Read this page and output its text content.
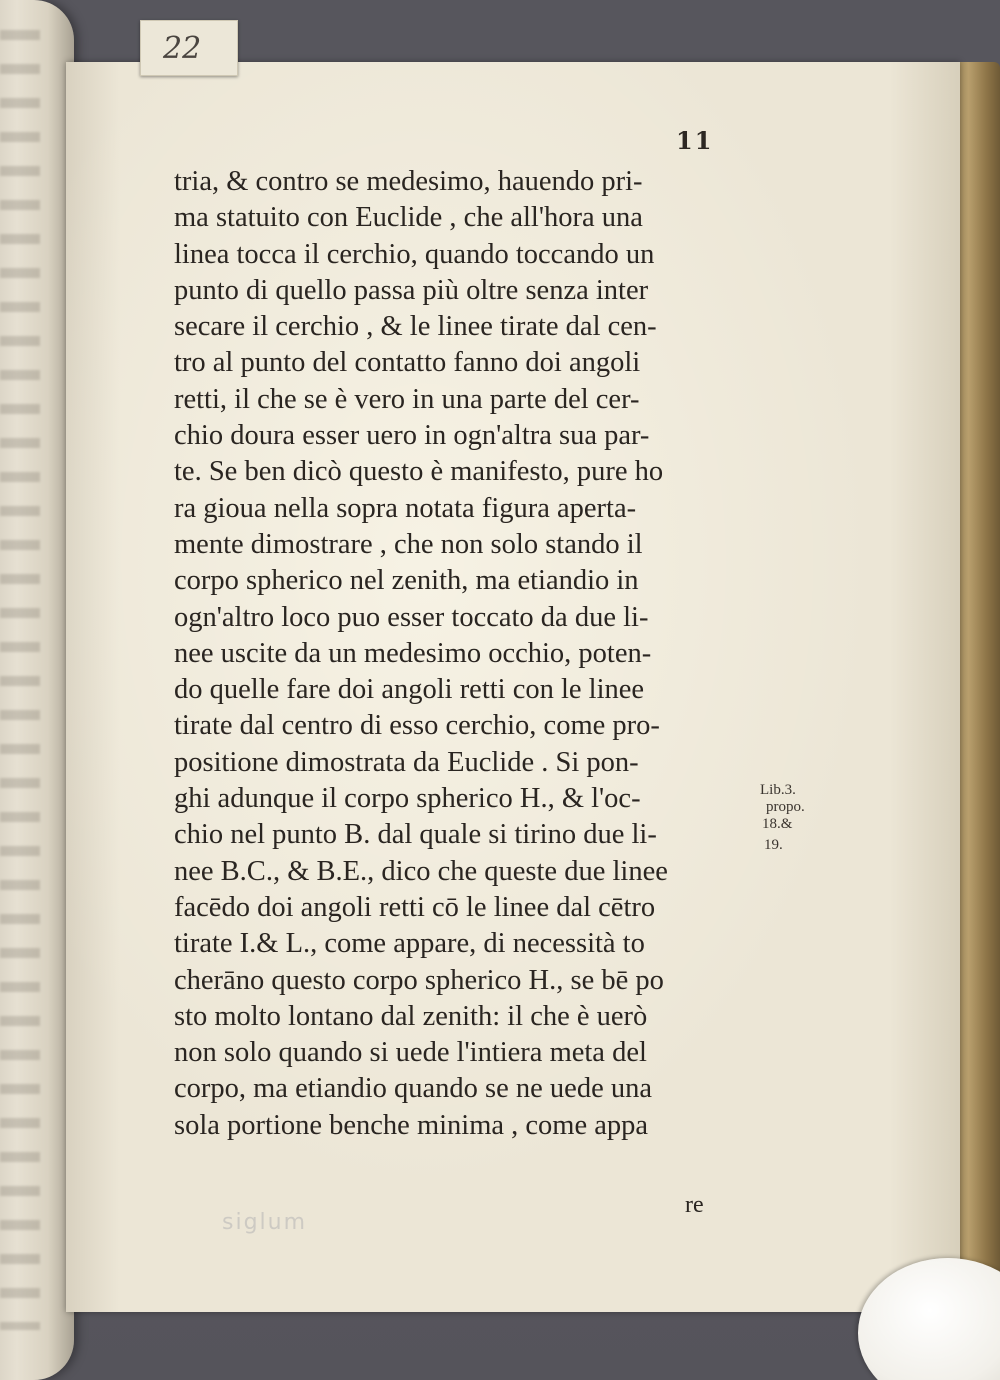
22
11
tria, & contro se medesimo, hauendo pri-
ma statuito con Euclide , che all'hora una
linea tocca il cerchio, quando toccando un
punto di quello passa più oltre senza inter
secare il cerchio , & le linee tirate dal cen-
tro al punto del contatto fanno doi angoli
retti, il che se è vero in una parte del cer-
chio doura esser uero in ogn'altra sua par-
te. Se ben dicò questo è manifesto, pure ho
ra gioua nella sopra notata figura aperta-
mente dimostrare , che non solo stando il
corpo spherico nel zenith, ma etiandio in
ogn'altro loco puo esser toccato da due li-
nee uscite da un medesimo occhio, poten-
do quelle fare doi angoli retti con le linee
tirate dal centro di esso cerchio, come pro-
positione dimostrata da Euclide . Si pon-
ghi adunque il corpo spherico H., & l'oc-
chio nel punto B. dal quale si tirino due li-
nee B.C., & B.E., dico che queste due linee
facēdo doi angoli retti cō le linee dal cētro
tirate I.& L., come appare, di necessità to
cherāno questo corpo spherico H., se bē po
sto molto lontano dal zenith: il che è uerò
non solo quando si uede l'intiera meta del
corpo, ma etiandio quando se ne uede una
sola portione benche minima , come appa
re
Lib.3.
propo.
18.&
19.
siglum
